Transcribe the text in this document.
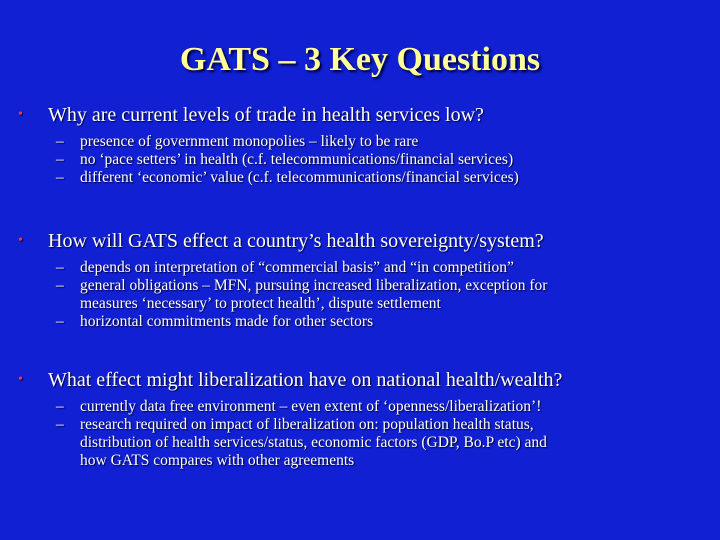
GATS – 3 Key Questions
• Why are current levels of trade in health services low?
– presence of government monopolies – likely to be rare
– no ‘pace setters’ in health (c.f. telecommunications/financial services)
– different ‘economic’ value (c.f. telecommunications/financial services)
• How will GATS effect a country’s health sovereignty/system?
– depends on interpretation of “commercial basis” and “in competition”
– general obligations – MFN, pursuing increased liberalization, exception for
measures ‘necessary’ to protect health’, dispute settlement
– horizontal commitments made for other sectors
• What effect might liberalization have on national health/wealth?
– currently data free environment – even extent of ‘openness/liberalization’!
– research required on impact of liberalization on: population health status,
distribution of health services/status, economic factors (GDP, Bo.P etc) and
how GATS compares with other agreements
